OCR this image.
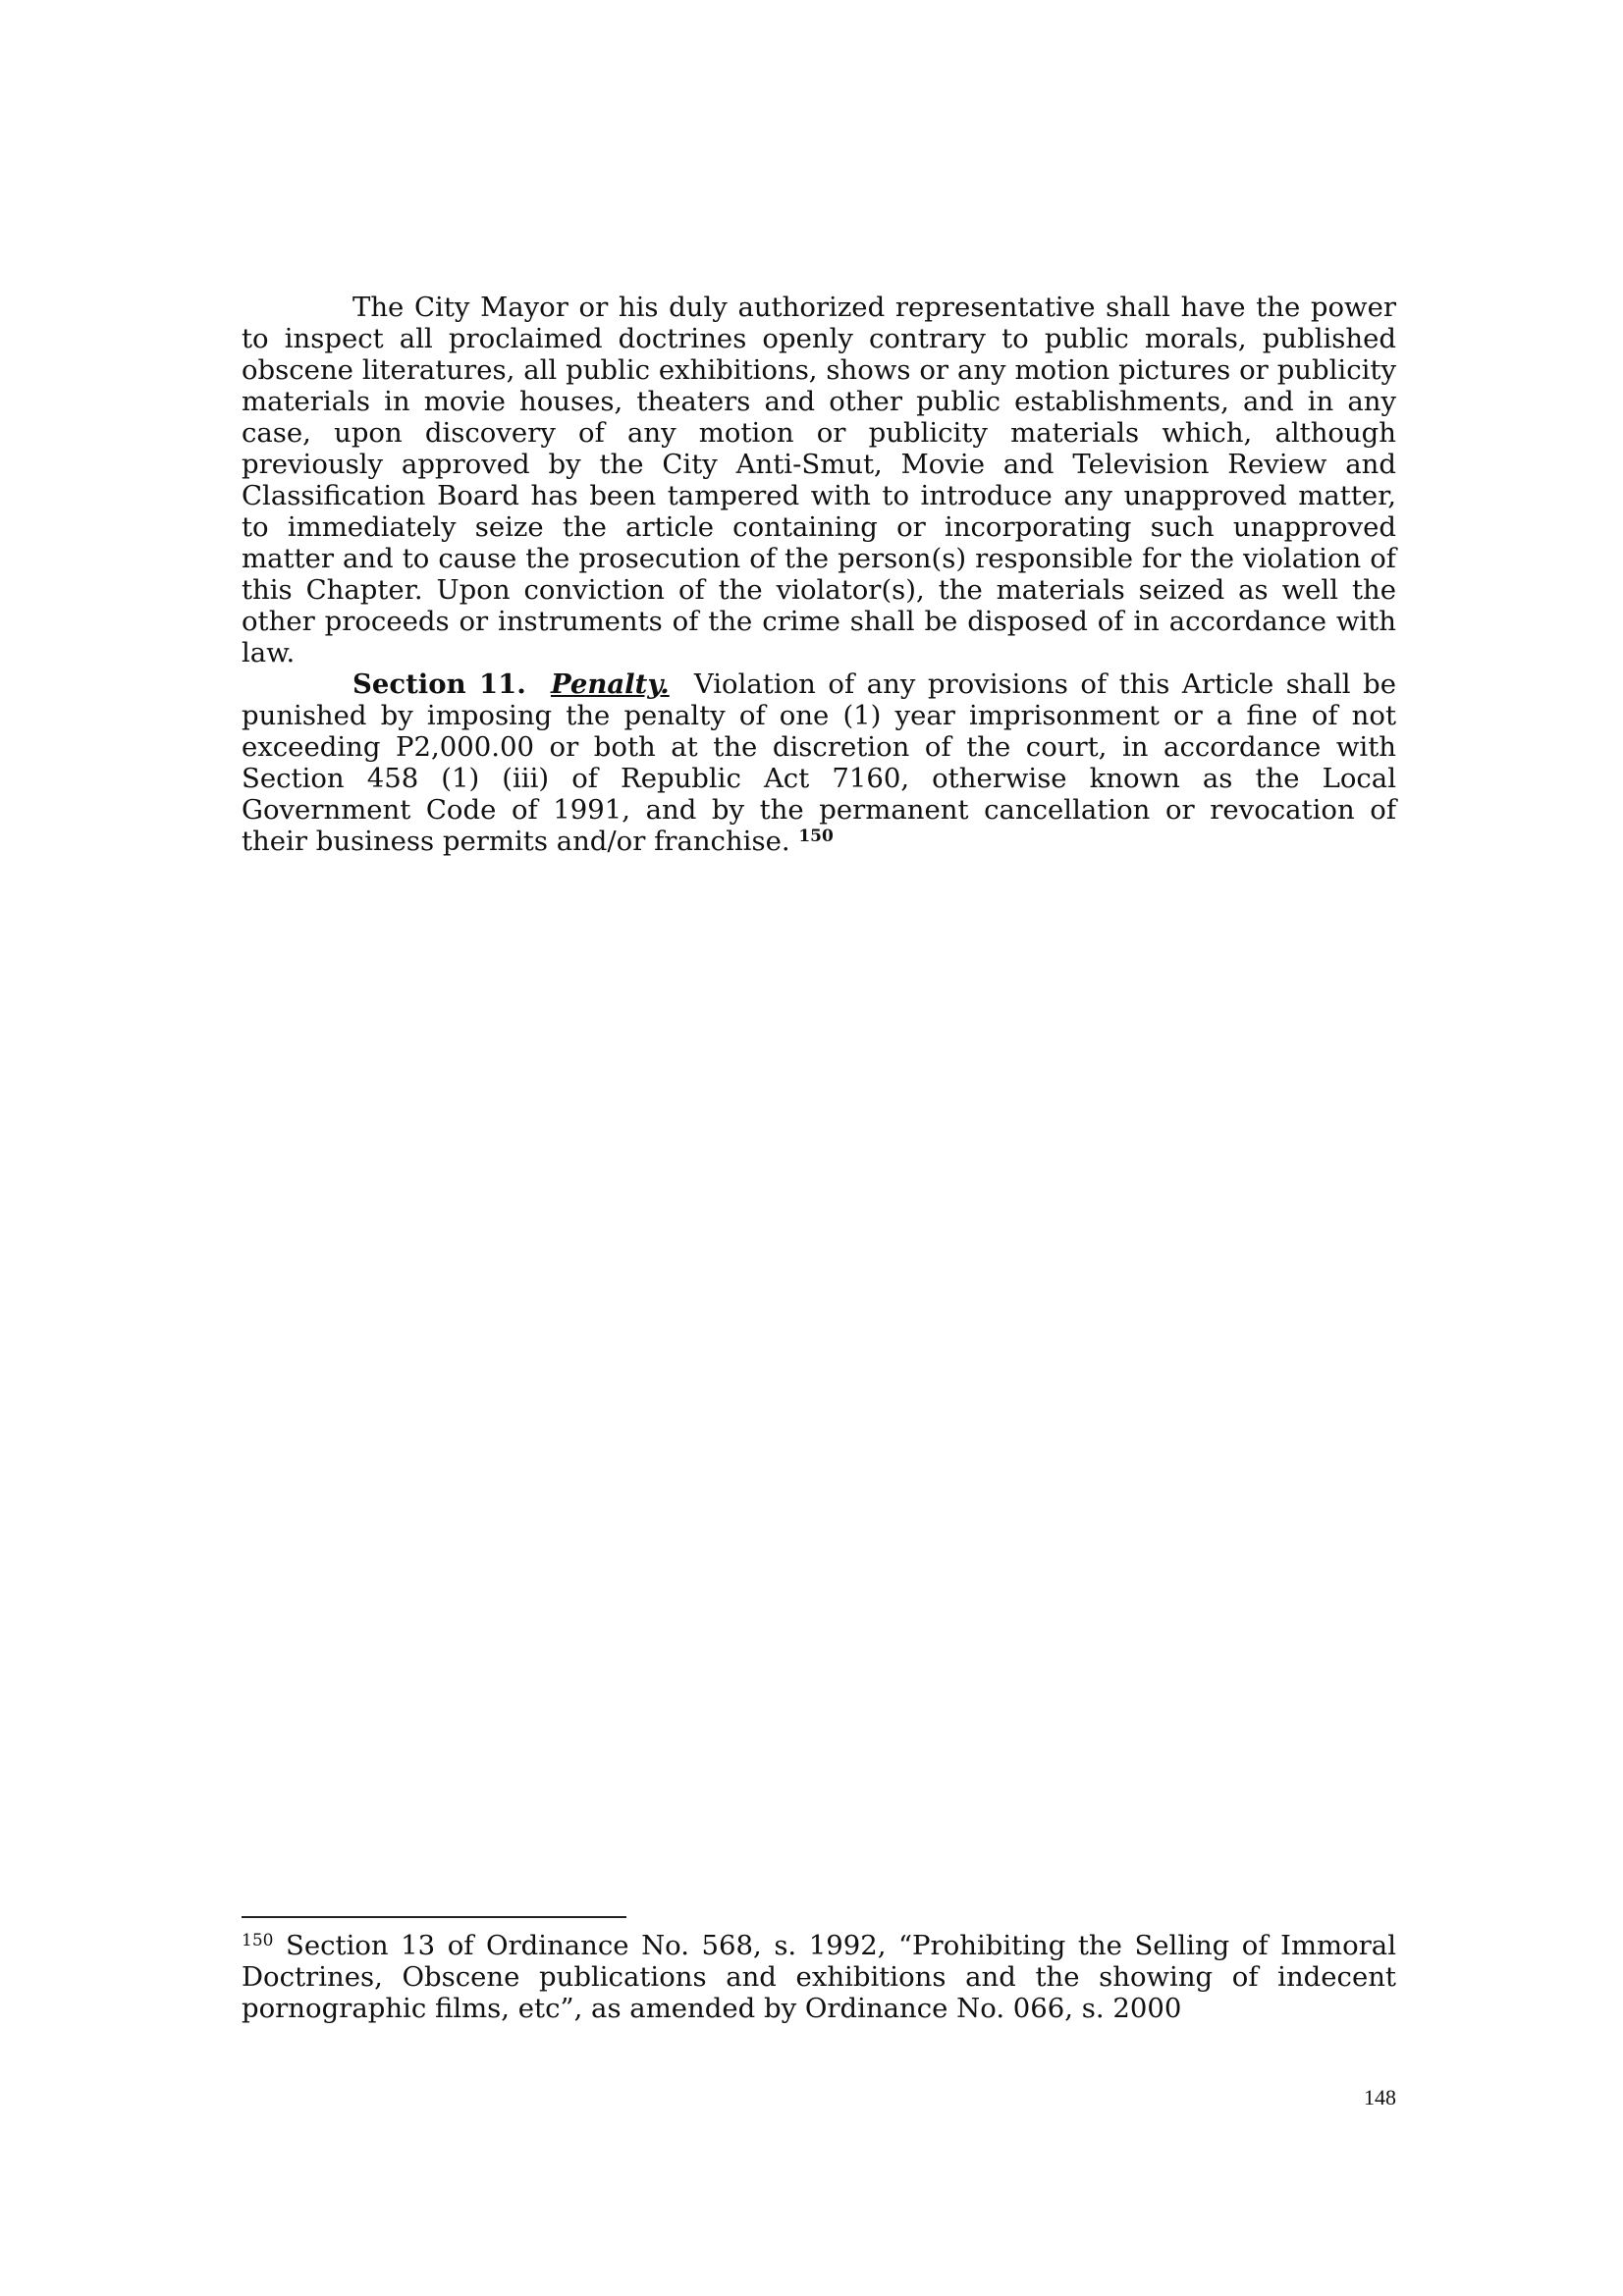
The City Mayor or his duly authorized representative shall have the power to inspect all proclaimed doctrines openly contrary to public morals, published obscene literatures, all public exhibitions, shows or any motion pictures or publicity materials in movie houses, theaters and other public establishments, and in any case, upon discovery of any motion or publicity materials which, although previously approved by the City Anti-Smut, Movie and Television Review and Classification Board has been tampered with to introduce any unapproved matter, to immediately seize the article containing or incorporating such unapproved matter and to cause the prosecution of the person(s) responsible for the violation of this Chapter. Upon conviction of the violator(s), the materials seized as well the other proceeds or instruments of the crime shall be disposed of in accordance with law.

Section 11. Penalty. Violation of any provisions of this Article shall be punished by imposing the penalty of one (1) year imprisonment or a fine of not exceeding P2,000.00 or both at the discretion of the court, in accordance with Section 458 (1) (iii) of Republic Act 7160, otherwise known as the Local Government Code of 1991, and by the permanent cancellation or revocation of their business permits and/or franchise. $^{150}$

$^{150}$ Section 13 of Ordinance No. 568, s. 1992, “Prohibiting the Selling of Immoral Doctrines, Obscene publications and exhibitions and the showing of indecent pornographic films, etc”, as amended by Ordinance No. 066, s. 2000

148
